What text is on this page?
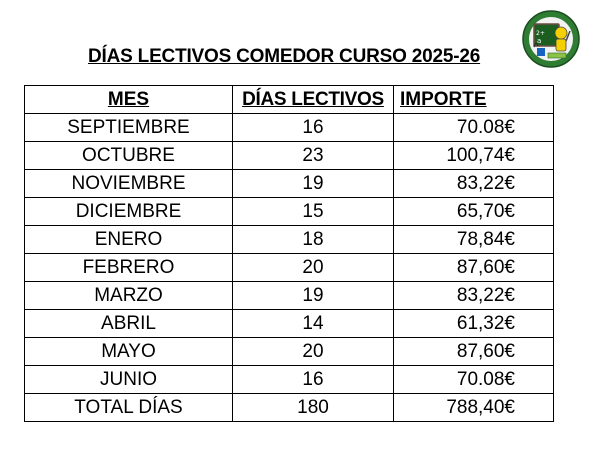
DÍAS LECTIVOS COMEDOR CURSO 2025-26
2+
a
MES	DÍAS LECTIVOS	IMPORTE
SEPTIEMBRE	16	70.08€
OCTUBRE	23	100,74€
NOVIEMBRE	19	83,22€
DICIEMBRE	15	65,70€
ENERO	18	78,84€
FEBRERO	20	87,60€
MARZO	19	83,22€
ABRIL	14	61,32€
MAYO	20	87,60€
JUNIO	16	70.08€
TOTAL DÍAS	180	788,40€
